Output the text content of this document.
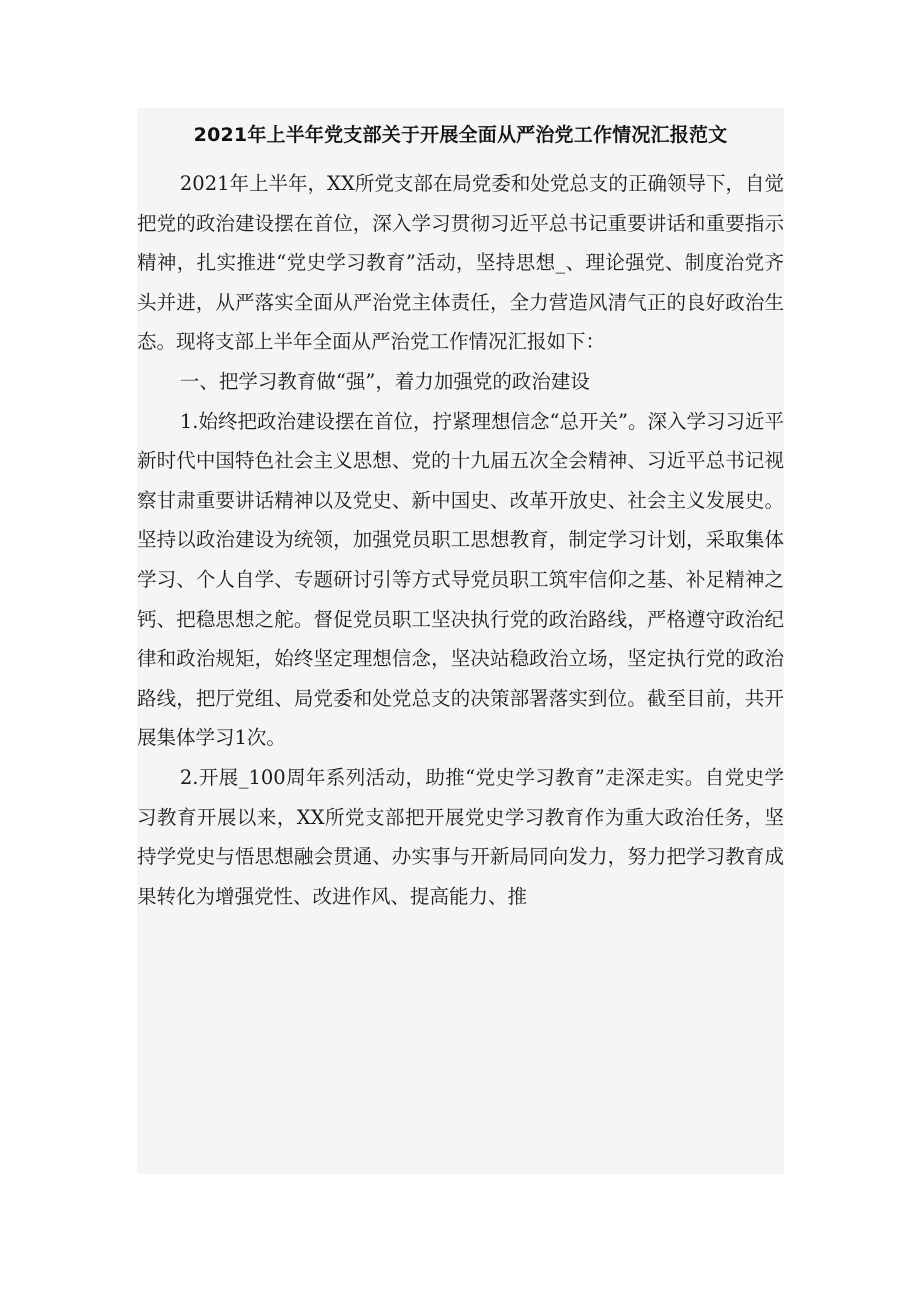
2021年上半年党支部关于开展全面从严治党工作情况汇报范文

2021年上半年，XX所党支部在局党委和处党总支的正确领导下，自觉把党的政治建设摆在首位，深入学习贯彻习近平总书记重要讲话和重要指示精神，扎实推进“党史学习教育”活动，坚持思想_、理论强党、制度治党齐头并进，从严落实全面从严治党主体责任，全力营造风清气正的良好政治生态。现将支部上半年全面从严治党工作情况汇报如下：

一、把学习教育做“强”，着力加强党的政治建设

1.始终把政治建设摆在首位，拧紧理想信念“总开关”。深入学习习近平新时代中国特色社会主义思想、党的十九届五次全会精神、习近平总书记视察甘肃重要讲话精神以及党史、新中国史、改革开放史、社会主义发展史。坚持以政治建设为统领，加强党员职工思想教育，制定学习计划，采取集体学习、个人自学、专题研讨引等方式导党员职工筑牢信仰之基、补足精神之钙、把稳思想之舵。督促党员职工坚决执行党的政治路线，严格遵守政治纪律和政治规矩，始终坚定理想信念，坚决站稳政治立场，坚定执行党的政治路线，把厅党组、局党委和处党总支的决策部署落实到位。截至目前，共开展集体学习1次。

2.开展_100周年系列活动，助推“党史学习教育”走深走实。自党史学习教育开展以来，XX所党支部把开展党史学习教育作为重大政治任务，坚持学党史与悟思想融会贯通、办实事与开新局同向发力，努力把学习教育成果转化为增强党性、改进作风、提高能力、推
